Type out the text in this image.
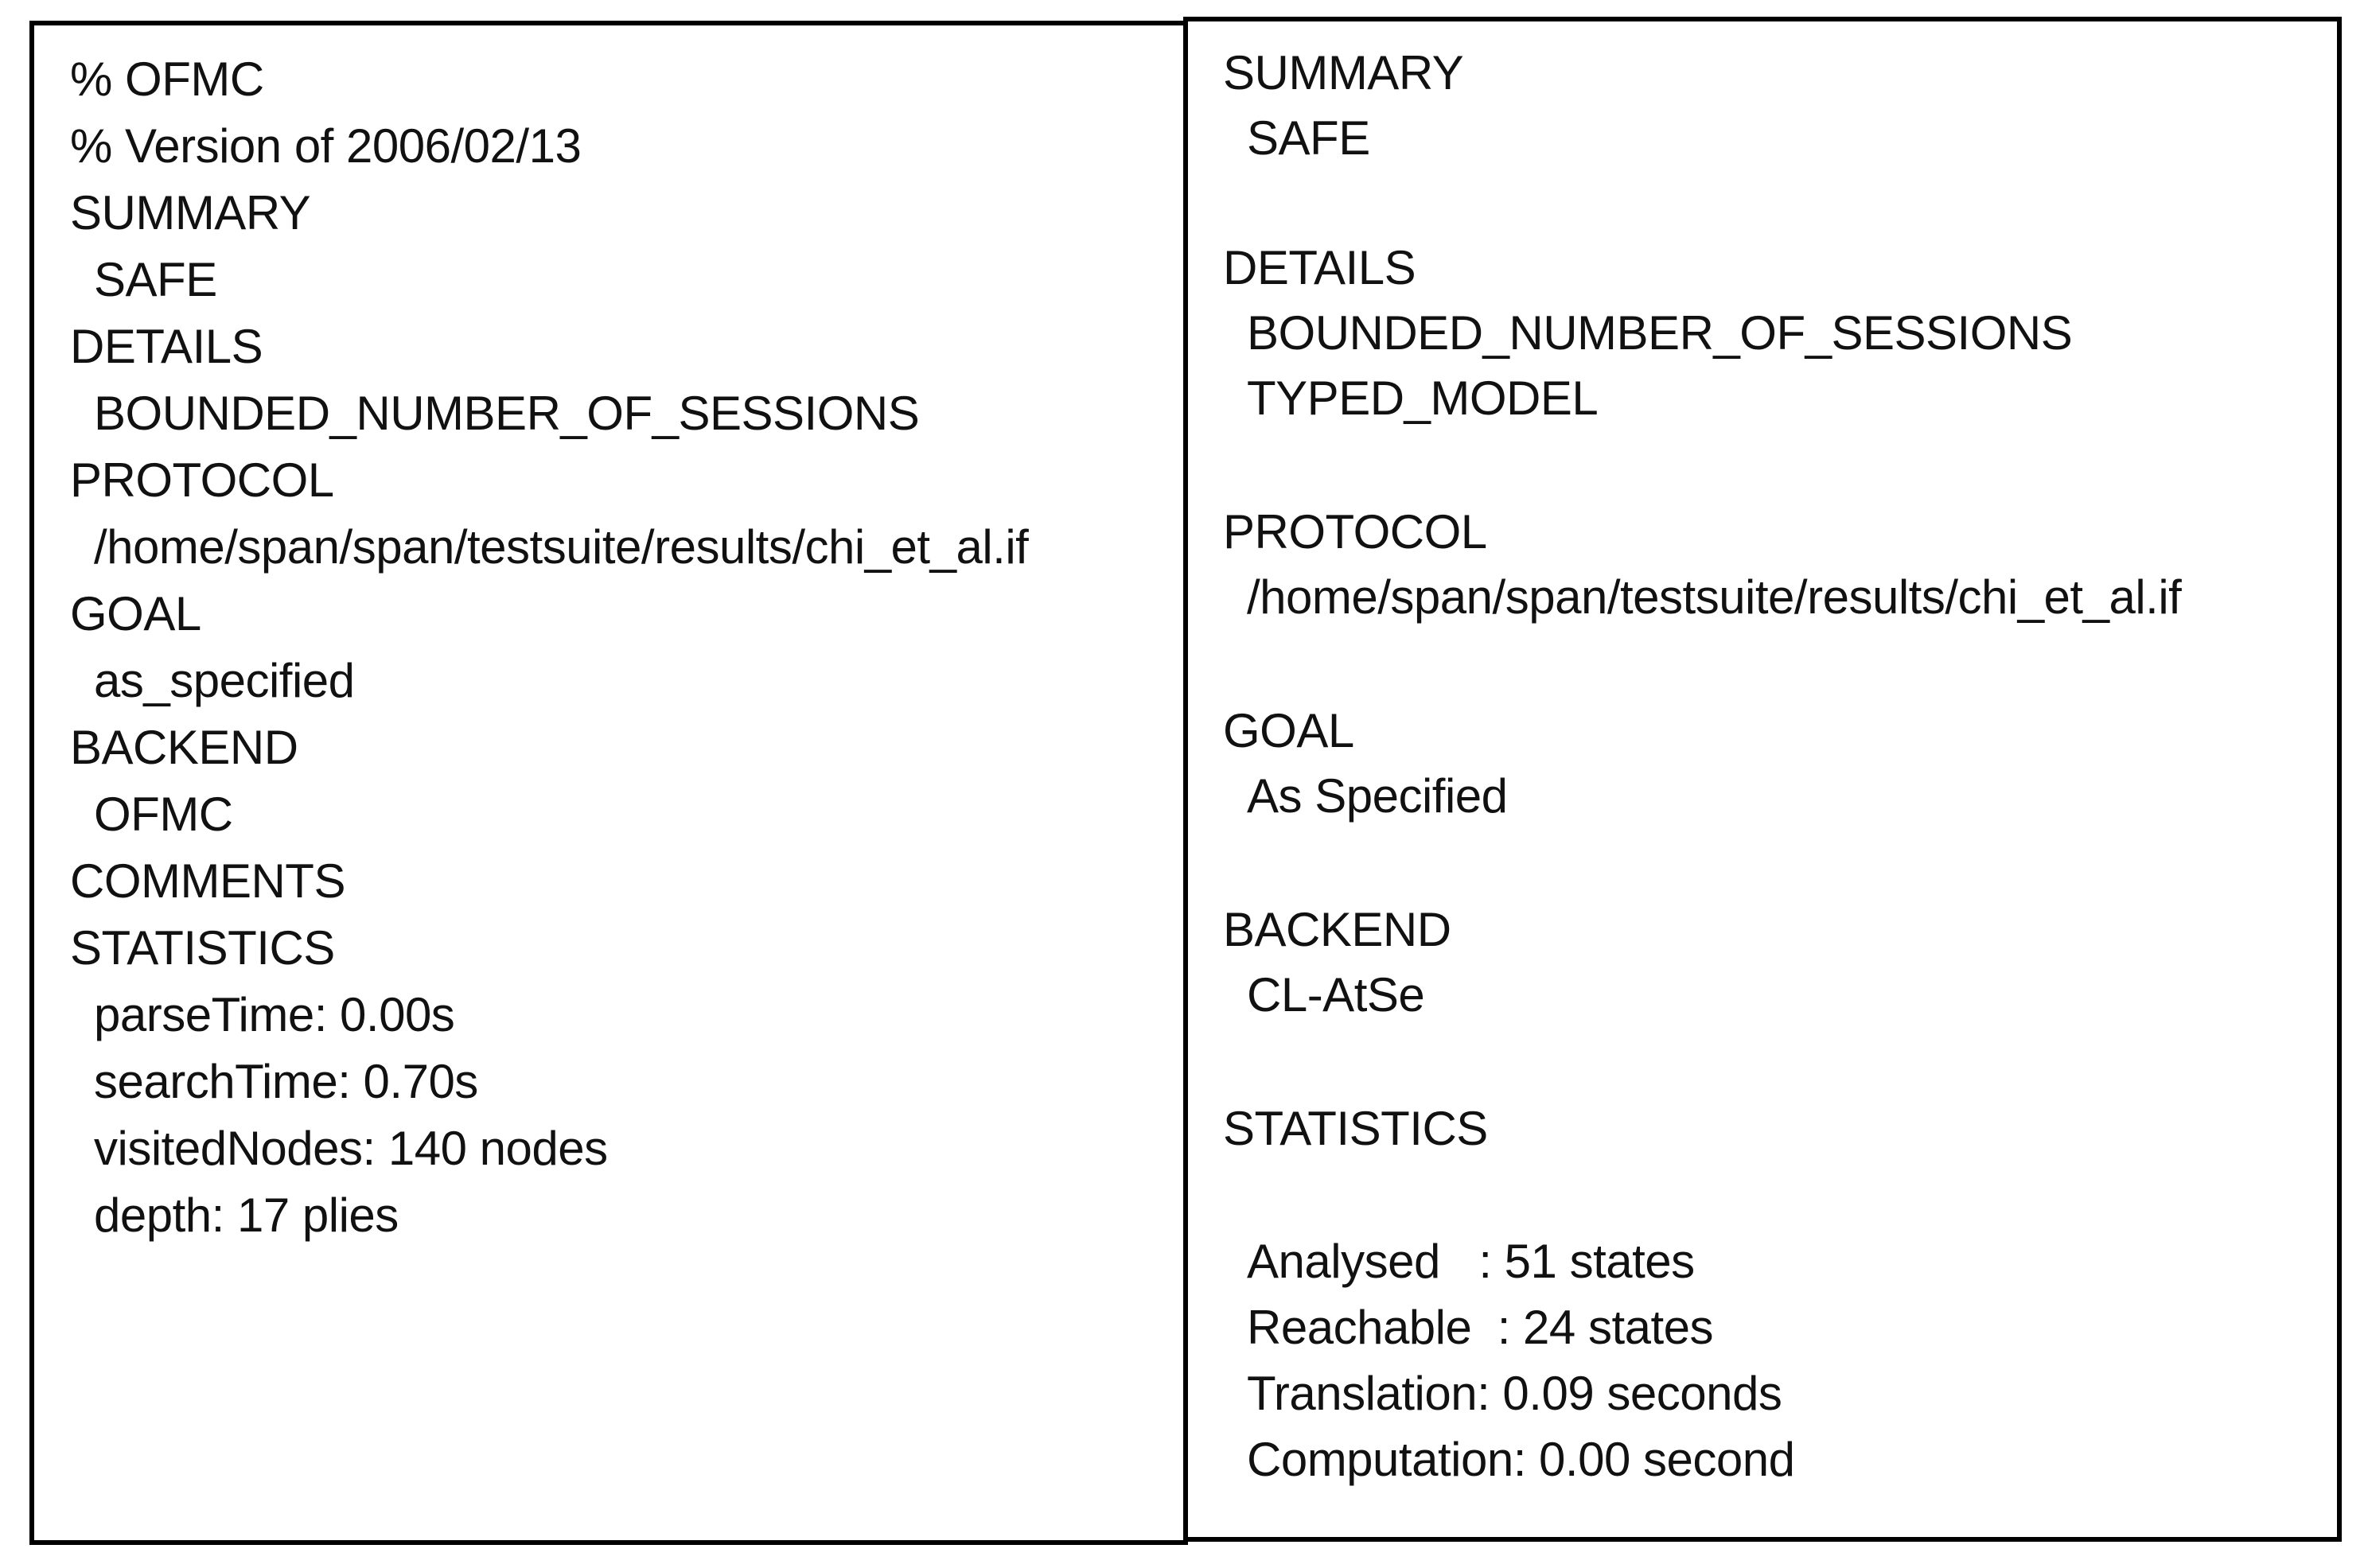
% OFMC
% Version of 2006/02/13
SUMMARY
SAFE
DETAILS
BOUNDED_NUMBER_OF_SESSIONS
PROTOCOL
/home/span/span/testsuite/results/chi_et_al.if
GOAL
as_specified
BACKEND
OFMC
COMMENTS
STATISTICS
parseTime: 0.00s
searchTime: 0.70s
visitedNodes: 140 nodes
depth: 17 plies
SUMMARY
SAFE
DETAILS
BOUNDED_NUMBER_OF_SESSIONS
TYPED_MODEL
PROTOCOL
/home/span/span/testsuite/results/chi_et_al.if
GOAL
As Specified
BACKEND
CL-AtSe
STATISTICS
Analysed   : 51 states
Reachable  : 24 states
Translation: 0.09 seconds
Computation: 0.00 second
